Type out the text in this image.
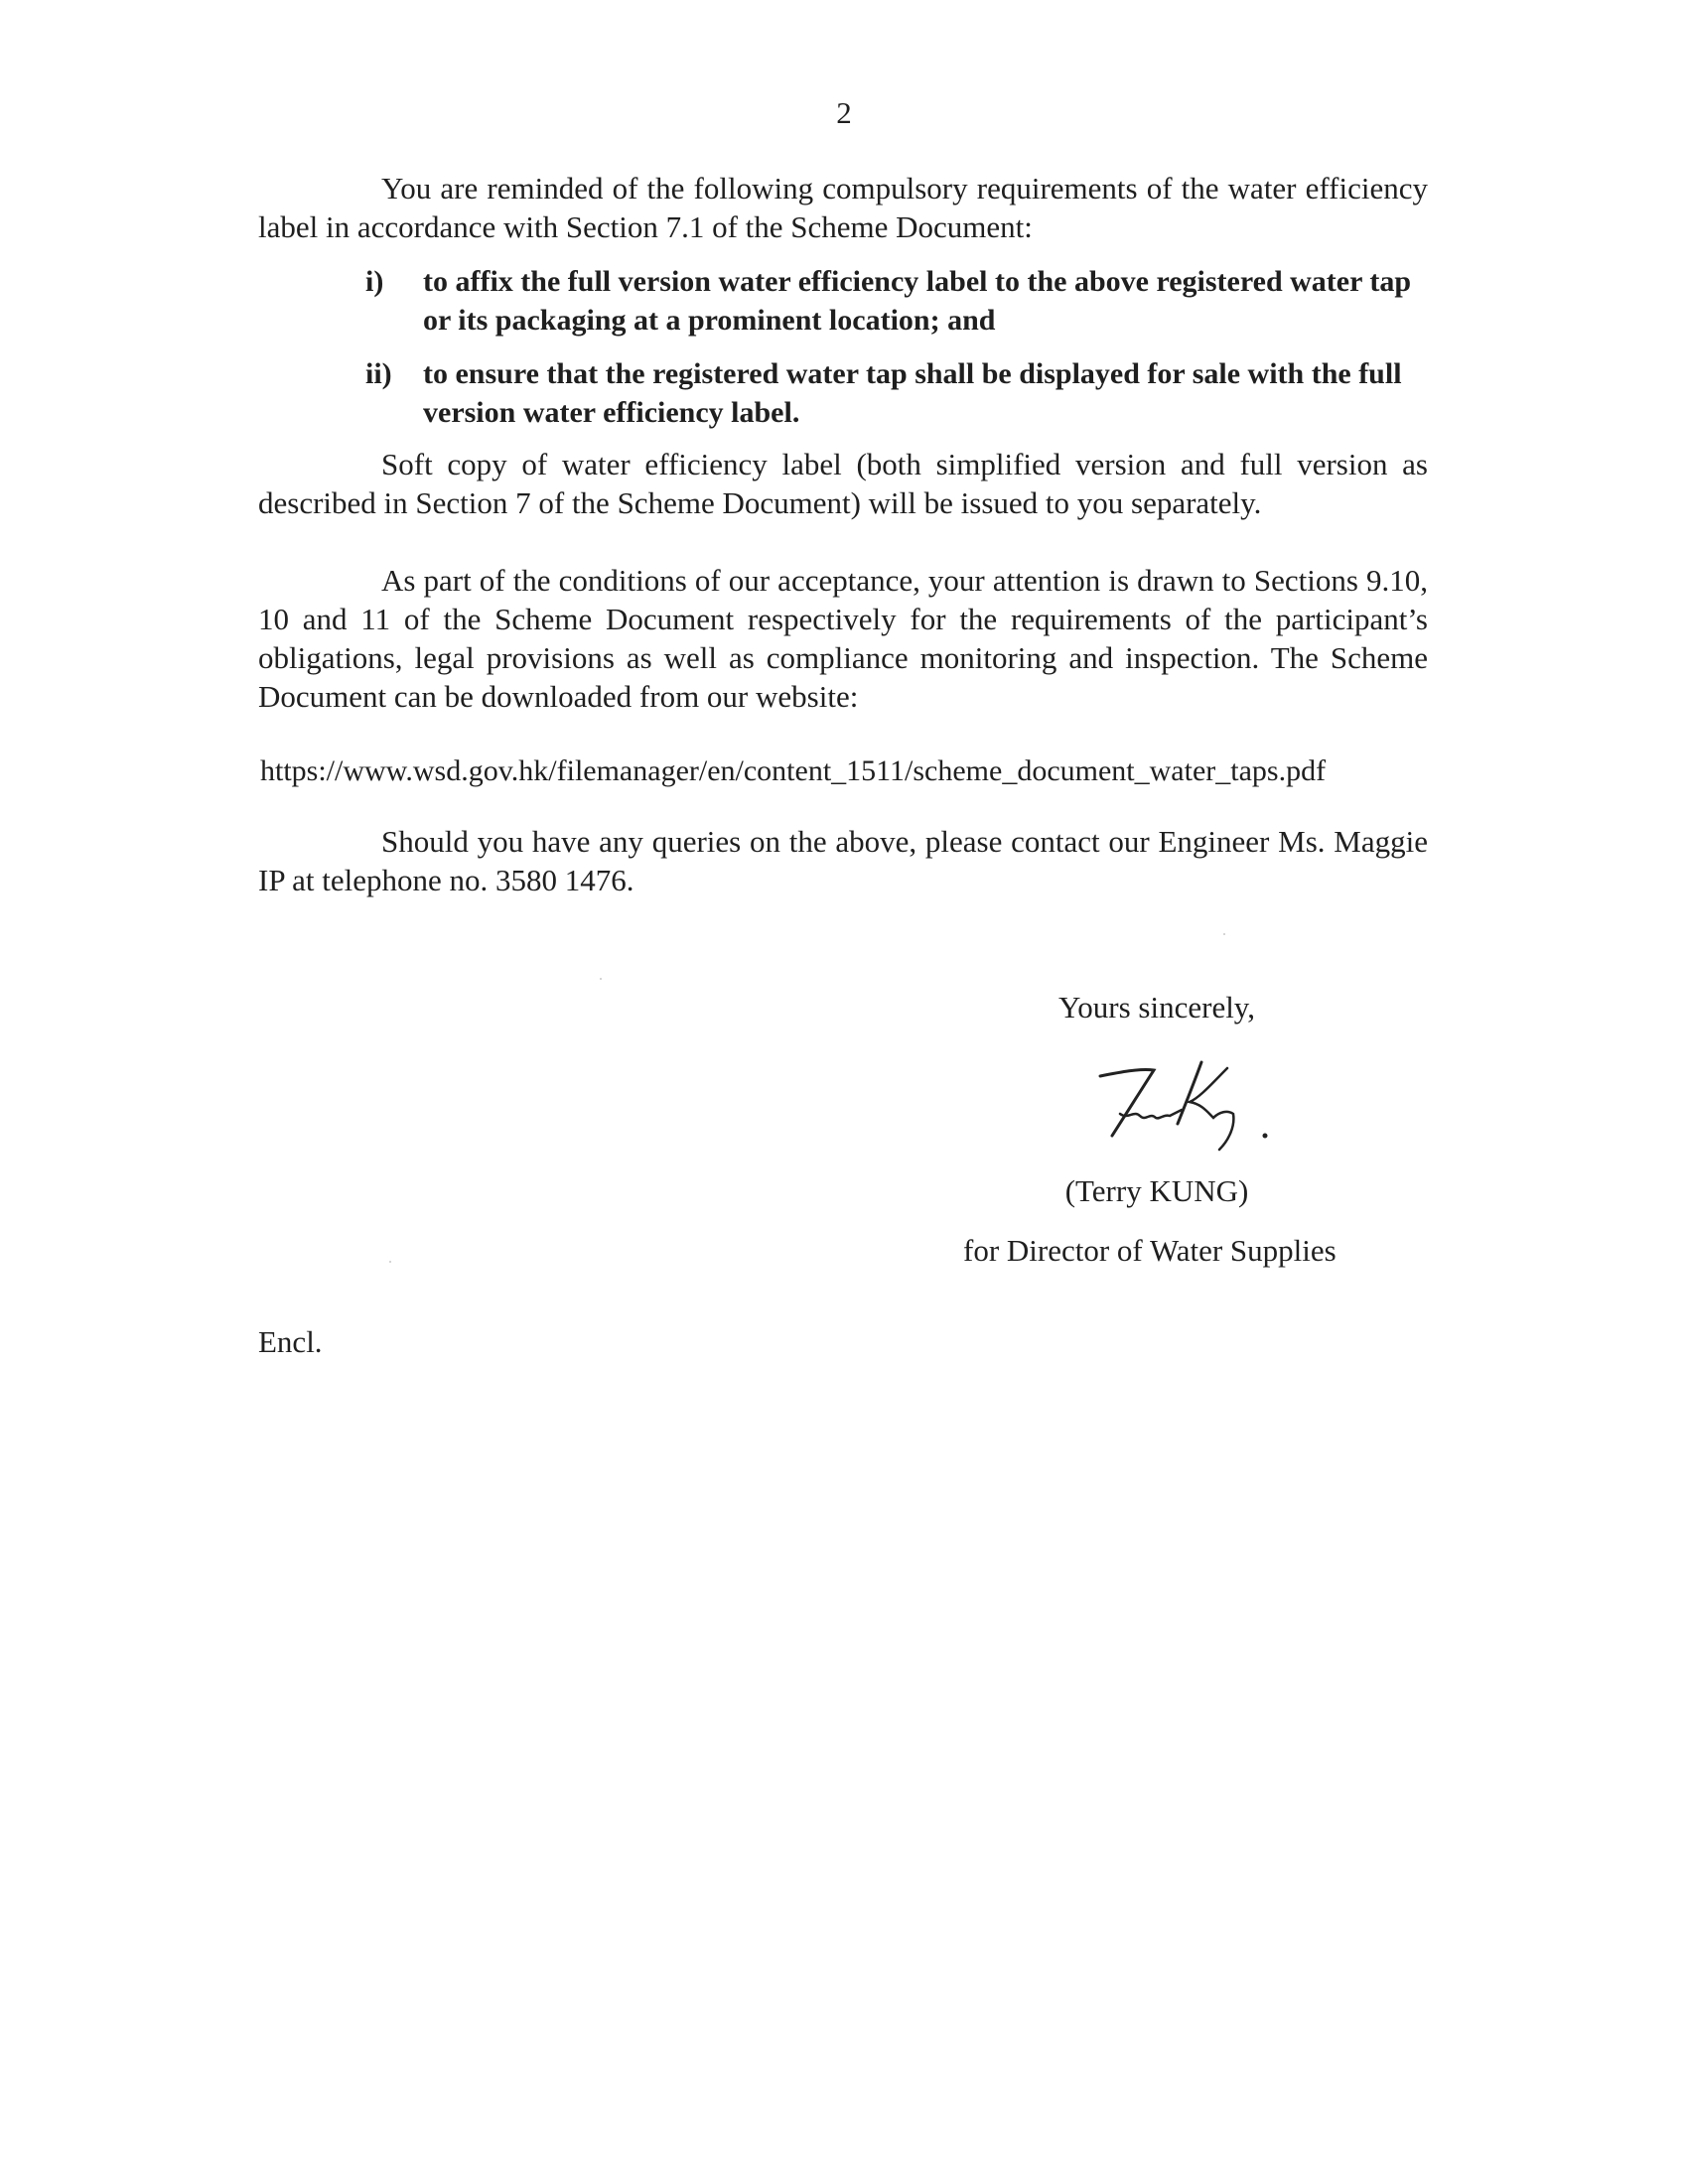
2

You are reminded of the following compulsory requirements of the water efficiency label in accordance with Section 7.1 of the Scheme Document:

i) to affix the full version water efficiency label to the above registered water tap or its packaging at a prominent location; and
ii) to ensure that the registered water tap shall be displayed for sale with the full version water efficiency label.

Soft copy of water efficiency label (both simplified version and full version as described in Section 7 of the Scheme Document) will be issued to you separately.

As part of the conditions of our acceptance, your attention is drawn to Sections 9.10, 10 and 11 of the Scheme Document respectively for the requirements of the participant’s obligations, legal provisions as well as compliance monitoring and inspection. The Scheme Document can be downloaded from our website:

https://www.wsd.gov.hk/filemanager/en/content_1511/scheme_document_water_taps.pdf

Should you have any queries on the above, please contact our Engineer Ms. Maggie IP at telephone no. 3580 1476.

Yours sincerely,
(Terry KUNG)
for Director of Water Supplies
Encl.
